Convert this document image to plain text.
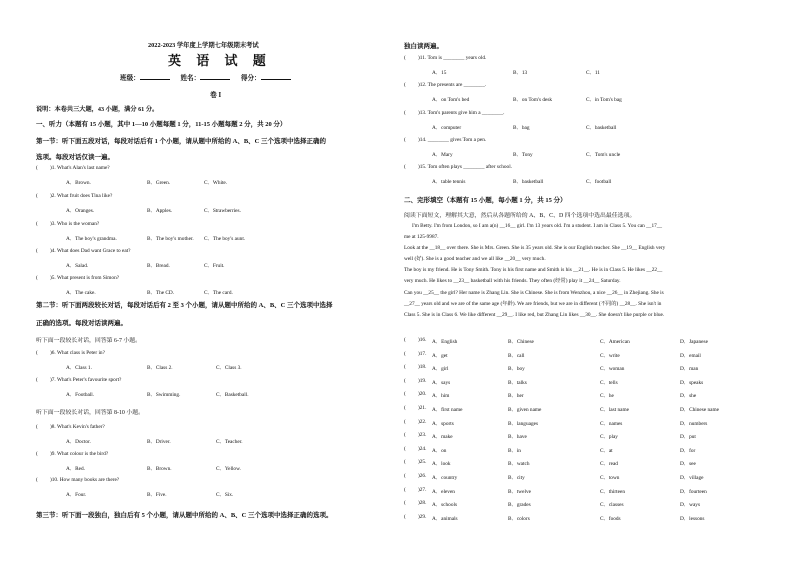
2022-2023 学年度上学期七年级期末考试
英 语 试 题
班级：	姓名：	得分：
卷 I
说明：本卷共三大题，43 小题，满分 61 分。
一、听力（本题有 15 小题，其中 1—10 小题每题 1 分，11-15 小题每题 2 分，共 20 分）
第一节：听下面五段对话，每段对话后有 1 个小题，请从题中所给的 A、B、C 三个选项中选择正确的
选项。每段对话仅读一遍。
( )1. What's Alan's last name?
A．Brown.	B．Green.	C．White.
( )2. What fruit does Tina like?
A．Oranges.	B．Apples.	C．Strawberries.
( )3. Who is the woman?
A．The boy's grandma.	B．The boy's mother. C．The boy's aunt.
( )4. What does Dad want Grace to eat?
A．Salad.	B．Bread.	C．Fruit.
( )5. What present is from Simon?
A．The cake.	B．The CD.	C．The card.
第二节：听下面两段较长对话，每段对话后有 2 至 3 个小题，请从题中所给的 A、B、C 三个选项中选择
正确的选项。每段对话读两遍。
听下面一段较长对话，回答第 6-7 小题。
( )6. What class is Peter in?
A．Class 1.	B．Class 2.	C．Class 3.
( )7. What's Peter's favourite sport?
A．Football.	B．Swimming.	C．Basketball.
听下面一段较长对话，回答第 8-10 小题。
( )8. What's Kevin's father?
A．Doctor.	B．Driver.	C．Teacher.
( )9. What colour is the bird?
A．Red.	B．Brown.	C．Yellow.
( )10. How many books are there?
A．Four.	B．Five.	C．Six.
第三节：听下面一段独白，独白后有 5 个小题，请从题中所给的 A、B、C 三个选项中选择正确的选项。
独白读两遍。
( )11. Tom is ________ years old.
A．15	B．13	C．11
( )12. The presents are ________.
A．on Tom's bed	B．on Tom's desk	C．in Tom's bag
( )13. Tom's parents give him a ________.
A．computer	B．bag	C．basketball
( )14. ________ gives Tom a pen.
A．Mary	B．Tony	C．Tom's uncle
( )15. Tom often plays ________ after school.
A．table tennis	B．basketball	C．football
二、完形填空（本题有 15 小题，每小题 1 分，共 15 分）
阅读下面短文，理解其大意，然后从各题所给的 A、B、C、D 四个选项中选出最佳选项。
I'm Betty. I'm from London, so I am a(n) __16__ girl. I'm 13 years old. I'm a student. I am in Class 5. You can __17__
me at 125-9987.
Look at the __18__ over there. She is Mrs. Green. She is 35 years old. She is our English teacher. She __19__ English very
well (好). She is a good teacher and we all like __20__ very much.
The boy is my friend. He is Tony Smith. Tony is his first name and Smith is his __21__. He is in Class 5. He likes __22__
very much. He likes to __23__ basketball with his friends. They often (经常) play it __24__ Saturday.
Can you __25__ the girl? Her name is Zhang Lin. She is Chinese. She is from Wenzhou, a nice __26__ in Zhejiang. She is
__27__ years old and we are of the same age (年龄). We are friends, but we are in different (不同的) __28__. She isn't in
Class 5. She is in Class 6. We like different __29__. I like red, but Zhang Lin likes __30__. She doesn't like purple or blue.
( )16. A．English	B．Chinese	C．American	D．Japanese
( )17. A．get	B．call	C．write	D．email
( )18. A．girl	B．boy	C．woman	D．man
( )19. A．says	B．talks	C．tells	D．speaks
( )20. A．him	B．her	C．he	D．she
( )21. A．first name	B．given name	C．last name	D．Chinese name
( )22. A．sports	B．languages	C．names	D．numbers
( )23. A．make	B．have	C．play	D．put
( )24. A．on	B．in	C．at	D．for
( )25. A．look	B．watch	C．read	D．see
( )26. A．country	B．city	C．town	D．village
( )27. A．eleven	B．twelve	C．thirteen	D．fourteen
( )28. A．schools	B．grades	C．classes	D．ways
( )29. A．animals	B．colors	C．foods	D．lessons
